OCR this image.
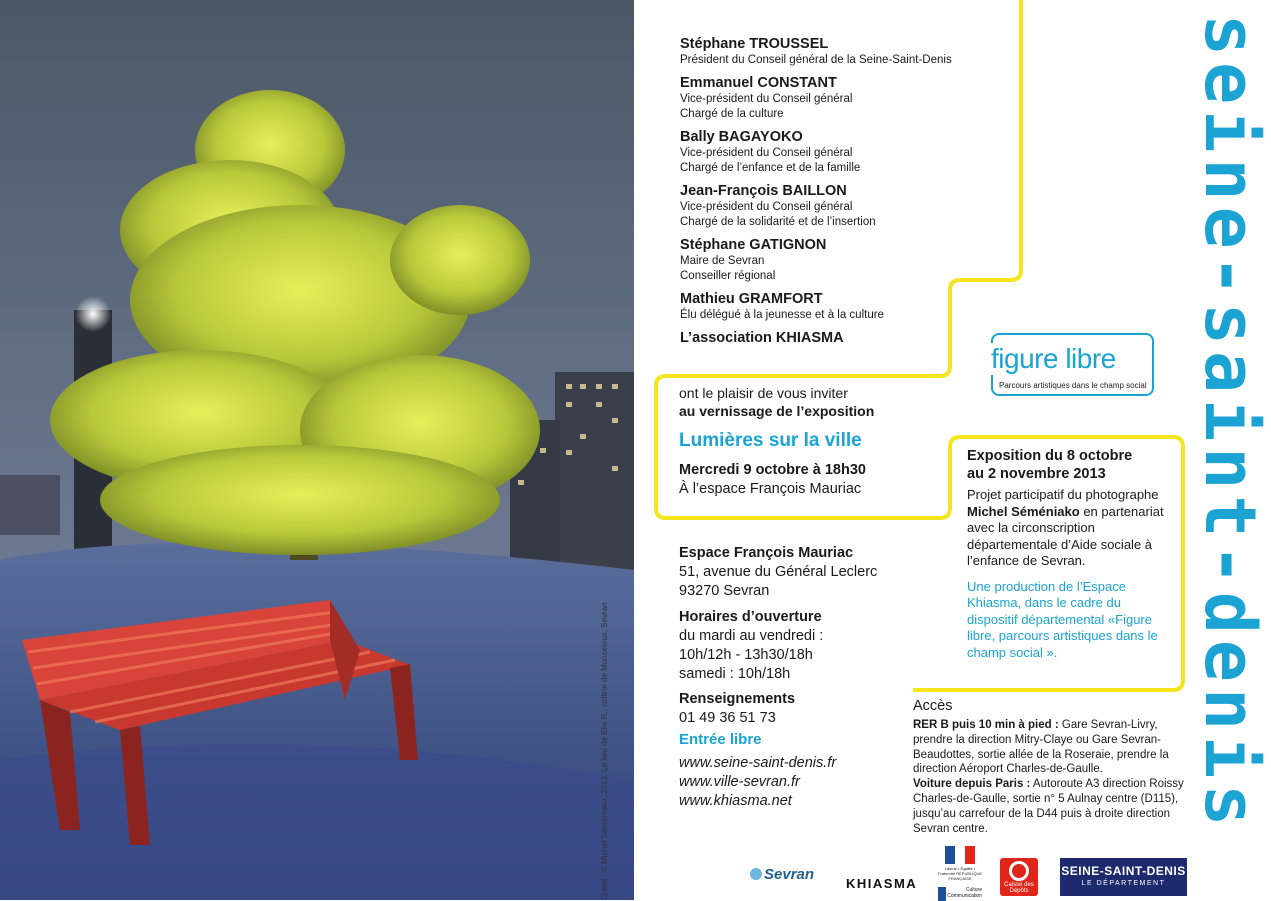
Crédit : © Michel Séméniako, 2013. Le lieu de Elie R., colline de Monceleux, Sevran
Stéphane TROUSSEL
Président du Conseil général de la Seine-Saint-Denis
Emmanuel CONSTANT
Vice-président du Conseil général
Chargé de la culture
Bally BAGAYOKO
Vice-président du Conseil général
Chargé de l’enfance et de la famille
Jean-François BAILLON
Vice-président du Conseil général
Chargé de la solidarité et de l’insertion
Stéphane GATIGNON
Maire de Sevran
Conseiller régional
Mathieu GRAMFORT
Élu délégué à la jeunesse et à la culture
L’association KHIASMA
ont le plaisir de vous inviter
au vernissage de l’exposition
Lumières sur la ville
Mercredi 9 octobre à 18h30
À l’espace François Mauriac
Espace François Mauriac
51, avenue du Général Leclerc
93270 Sevran
Horaires d’ouverture
du mardi au vendredi :
10h/12h - 13h30/18h
samedi : 10h/18h
Renseignements
01 49 36 51 73
Entrée libre
www.seine-saint-denis.fr
www.ville-sevran.fr
www.khiasma.net
figure libre
Parcours artistiques dans le champ social
Exposition du 8 octobre
au 2 novembre 2013
Projet participatif du photographe Michel Séméniako en partenariat avec la circonscription départementale d’Aide sociale à l’enfance de Sevran.
Une production de l’Espace Khiasma, dans le cadre du dispositif départemental «Figure libre, parcours artistiques dans le champ social ».
Accès
RER B puis 10 min à pied : Gare Sevran-Livry, prendre la direction Mitry-Claye ou Gare Sevran-Beaudottes, sortie allée de la Roseraie, prendre la direction Aéroport Charles-de-Gaulle.
Voiture depuis Paris : Autoroute A3 direction Roissy Charles-de-Gaulle, sortie n° 5 Aulnay centre (D115), jusqu’au carrefour de la D44 puis à droite direction Sevran centre.	seine-saint-denis
Sevran
KHIASMA
Liberté • Égalité • Fraternité RÉPUBLIQUE FRANÇAISE
Culture Communication
Caisse des Dépôts
SEINE-SAINT-DENIS
LE DÉPARTEMENT
